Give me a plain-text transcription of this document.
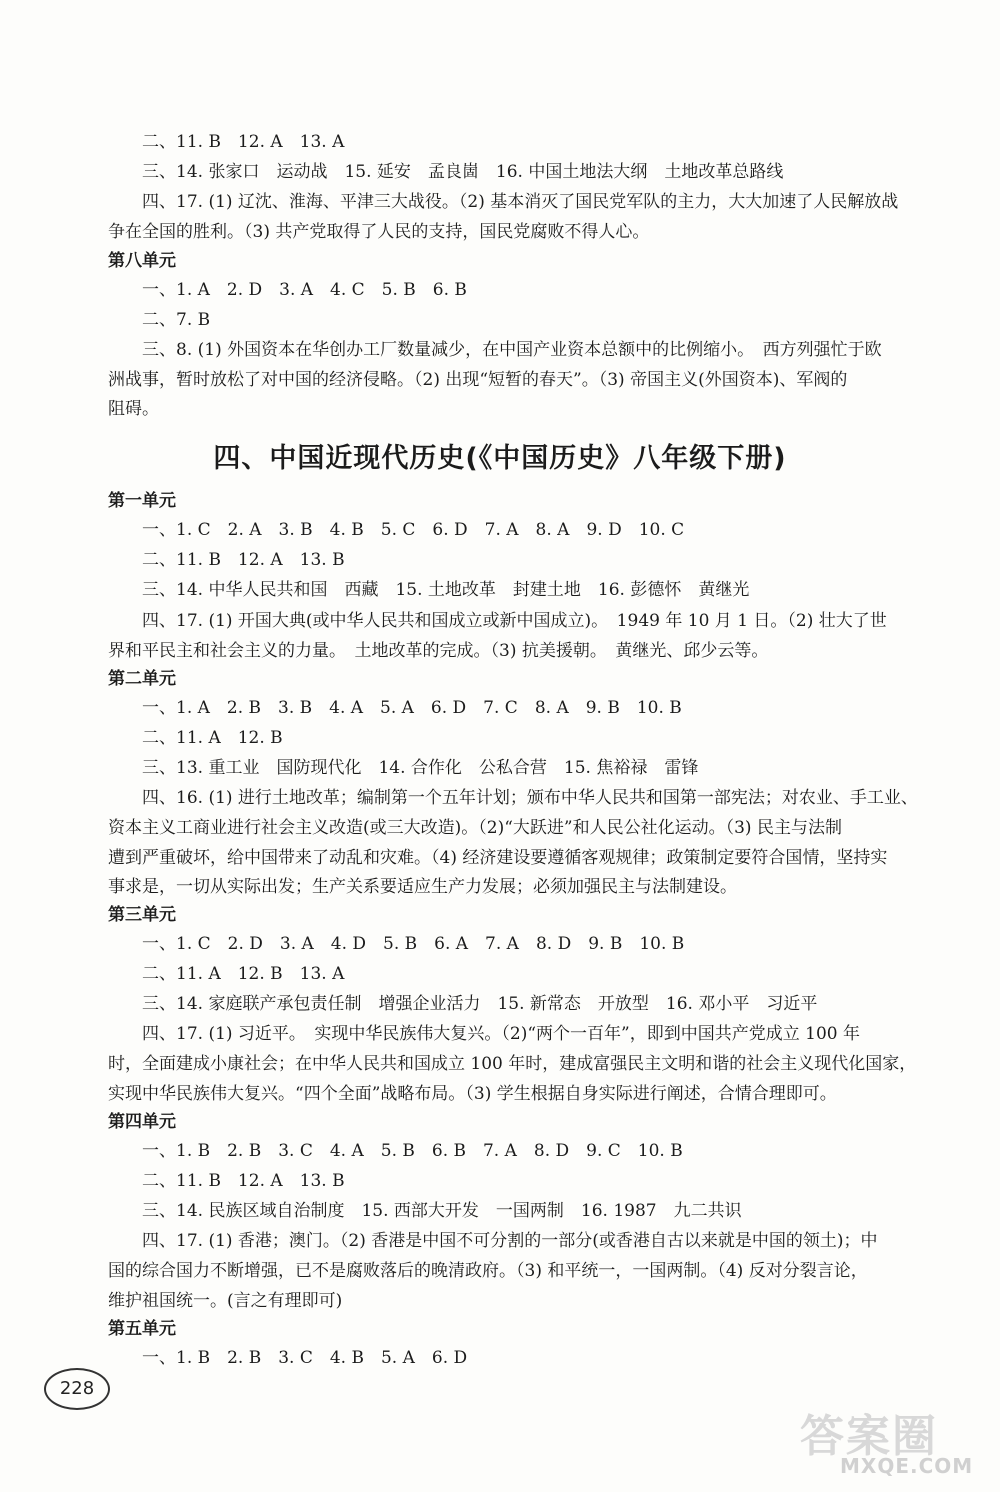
二、11. B　12. A　13. A
三、14. 张家口　运动战　15. 延安　孟良崮　16. 中国土地法大纲　土地改革总路线
四、17. (1) 辽沈、淮海、平津三大战役。（2) 基本消灭了国民党军队的主力，大大加速了人民解放战
争在全国的胜利。（3) 共产党取得了人民的支持，国民党腐败不得人心。
第八单元
一、1. A　2. D　3. A　4. C　5. B　6. B
二、7. B
三、8. (1) 外国资本在华创办工厂数量减少，在中国产业资本总额中的比例缩小。　西方列强忙于欧
洲战事，暂时放松了对中国的经济侵略。（2) 出现“短暂的春天”。（3) 帝国主义(外国资本)、军阀的
阻碍。
四、中国近现代历史(《中国历史》八年级下册)
第一单元
一、1. C　2. A　3. B　4. B　5. C　6. D　7. A　8. A　9. D　10. C
二、11. B　12. A　13. B
三、14. 中华人民共和国　西藏　15. 土地改革　封建土地　16. 彭德怀　黄继光
四、17. (1) 开国大典(或中华人民共和国成立或新中国成立)。　1949 年 10 月 1 日。（2) 壮大了世
界和平民主和社会主义的力量。　土地改革的完成。（3) 抗美援朝。　黄继光、邱少云等。
第二单元
一、1. A　2. B　3. B　4. A　5. A　6. D　7. C　8. A　9. B　10. B
二、11. A　12. B
三、13. 重工业　国防现代化　14. 合作化　公私合营　15. 焦裕禄　雷锋
四、16. (1) 进行土地改革；编制第一个五年计划；颁布中华人民共和国第一部宪法；对农业、手工业、
资本主义工商业进行社会主义改造(或三大改造)。（2)“大跃进”和人民公社化运动。（3) 民主与法制
遭到严重破坏，给中国带来了动乱和灾难。（4) 经济建设要遵循客观规律；政策制定要符合国情，坚持实
事求是，一切从实际出发；生产关系要适应生产力发展；必须加强民主与法制建设。
第三单元
一、1. C　2. D　3. A　4. D　5. B　6. A　7. A　8. D　9. B　10. B
二、11. A　12. B　13. A
三、14. 家庭联产承包责任制　增强企业活力　15. 新常态　开放型　16. 邓小平　习近平
四、17. (1) 习近平。　实现中华民族伟大复兴。（2)“两个一百年”，即到中国共产党成立 100 年
时，全面建成小康社会；在中华人民共和国成立 100 年时，建成富强民主文明和谐的社会主义现代化国家，
实现中华民族伟大复兴。“四个全面”战略布局。（3) 学生根据自身实际进行阐述，合情合理即可。
第四单元
一、1. B　2. B　3. C　4. A　5. B　6. B　7. A　8. D　9. C　10. B
二、11. B　12. A　13. B
三、14. 民族区域自治制度　15. 西部大开发　一国两制　16. 1987　九二共识
四、17. (1) 香港；澳门。（2) 香港是中国不可分割的一部分(或香港自古以来就是中国的领土)；中
国的综合国力不断增强，已不是腐败落后的晚清政府。（3) 和平统一，一国两制。（4) 反对分裂言论，
维护祖国统一。(言之有理即可)
第五单元
一、1. B　2. B　3. C　4. B　5. A　6. D
228
答案圈
MXQE.COM
